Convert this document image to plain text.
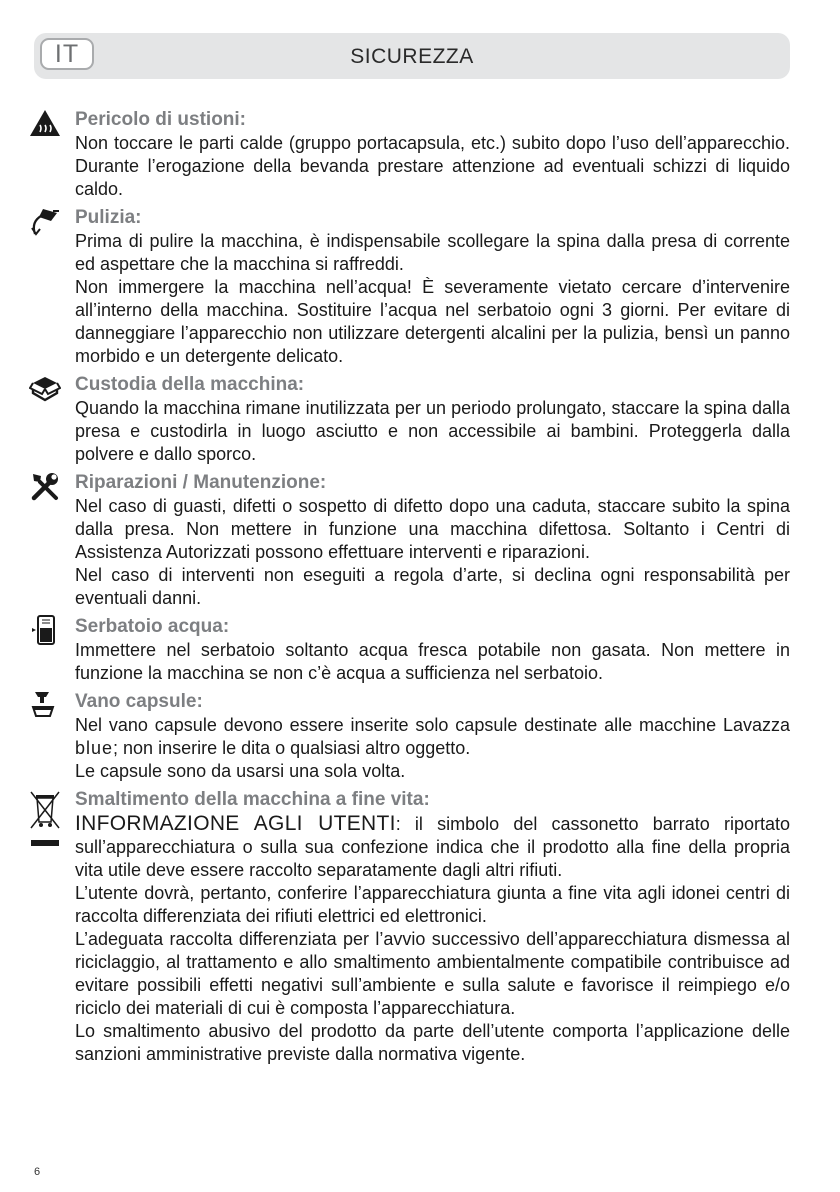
IT	SICUREZZA

Pericolo di ustioni:

Non toccare le parti calde (gruppo portacapsula, etc.) subito dopo l’uso dell’apparecchio. Durante l’erogazione della bevanda prestare attenzione ad eventuali schizzi di liquido caldo.

Pulizia:

Prima di pulire la macchina, è indispensabile scollegare la spina dalla presa di corrente ed aspettare che la macchina si raffreddi.

Non immergere la macchina nell’acqua! È severamente vietato cercare d’intervenire all’interno della macchina. Sostituire l’acqua nel serbatoio ogni 3 giorni. Per evitare di danneggiare l’apparecchio non utilizzare detergenti alcalini per la pulizia, bensì un panno morbido e un detergente delicato.

Custodia della macchina:

Quando la macchina rimane inutilizzata per un periodo prolungato, staccare la spina dalla presa e custodirla in luogo asciutto e non accessibile ai bambini. Proteggerla dalla polvere e dallo sporco.

Riparazioni / Manutenzione:

Nel caso di guasti, difetti o sospetto di difetto dopo una caduta, staccare subito la spina dalla presa. Non mettere in funzione una macchina difettosa. Soltanto i Centri di Assistenza Autorizzati possono effettuare interventi e riparazioni.

Nel caso di interventi non eseguiti a regola d’arte, si declina ogni responsabilità per eventuali danni.

Serbatoio acqua:

Immettere nel serbatoio soltanto acqua fresca potabile non gasata. Non mettere in funzione la macchina se non c’è acqua a sufficienza nel serbatoio.

Vano capsule:

Nel vano capsule devono essere inserite solo capsule destinate alle macchine Lavazza blue; non inserire le dita o qualsiasi altro oggetto.

Le capsule sono da usarsi una sola volta.

Smaltimento della macchina a fine vita:

INFORMAZIONE AGLI UTENTI: il simbolo del cassonetto barrato riportato sull’apparecchiatura o sulla sua confezione indica che il prodotto alla fine della propria vita utile deve essere raccolto separatamente dagli altri rifiuti.

L’utente dovrà, pertanto, conferire l’apparecchiatura giunta a fine vita agli idonei centri di raccolta differenziata dei rifiuti elettrici ed elettronici.

L’adeguata raccolta differenziata per l’avvio successivo dell’apparecchiatura dismessa al riciclaggio, al trattamento e allo smaltimento ambientalmente compatibile contribuisce ad evitare possibili effetti negativi sull’ambiente e sulla salute e favorisce il reimpiego e/o riciclo dei materiali di cui è composta l’apparecchiatura.

Lo smaltimento abusivo del prodotto da parte dell’utente comporta l’applicazione delle sanzioni amministrative previste dalla normativa vigente.

6
